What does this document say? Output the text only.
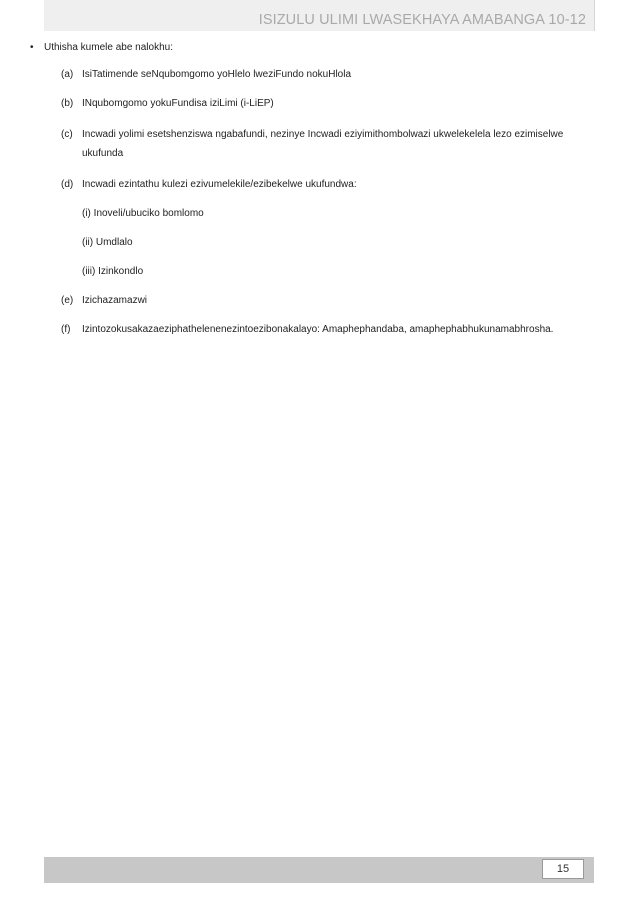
ISIZULU ULIMI LWASEKHAYA AMABANGA 10-12
• Uthisha kumele abe nalokhu:
(a) IsiTatimende seNqubomgomo yoHlelo lweziFundo nokuHlola
(b) INqubomgomo yokuFundisa iziLimi (i-LiEP)
(c) Incwadi yolimi esetshenziswa ngabafundi, nezinye Incwadi eziyimithombolwazi ukwelekelela lezo ezimiselwe ukufunda
(d) Incwadi ezintathu kulezi ezivumelekile/ezibekelwe ukufundwa:
(i) Inoveli/ubuciko bomlomo
(ii) Umdlalo
(iii) Izinkondlo
(e) Izichazamazwi
(f) Izintozokusakazaeziphathelenenezintoezibonakalayo: Amaphephandaba, amaphephabhukunamabhrosha.
15
